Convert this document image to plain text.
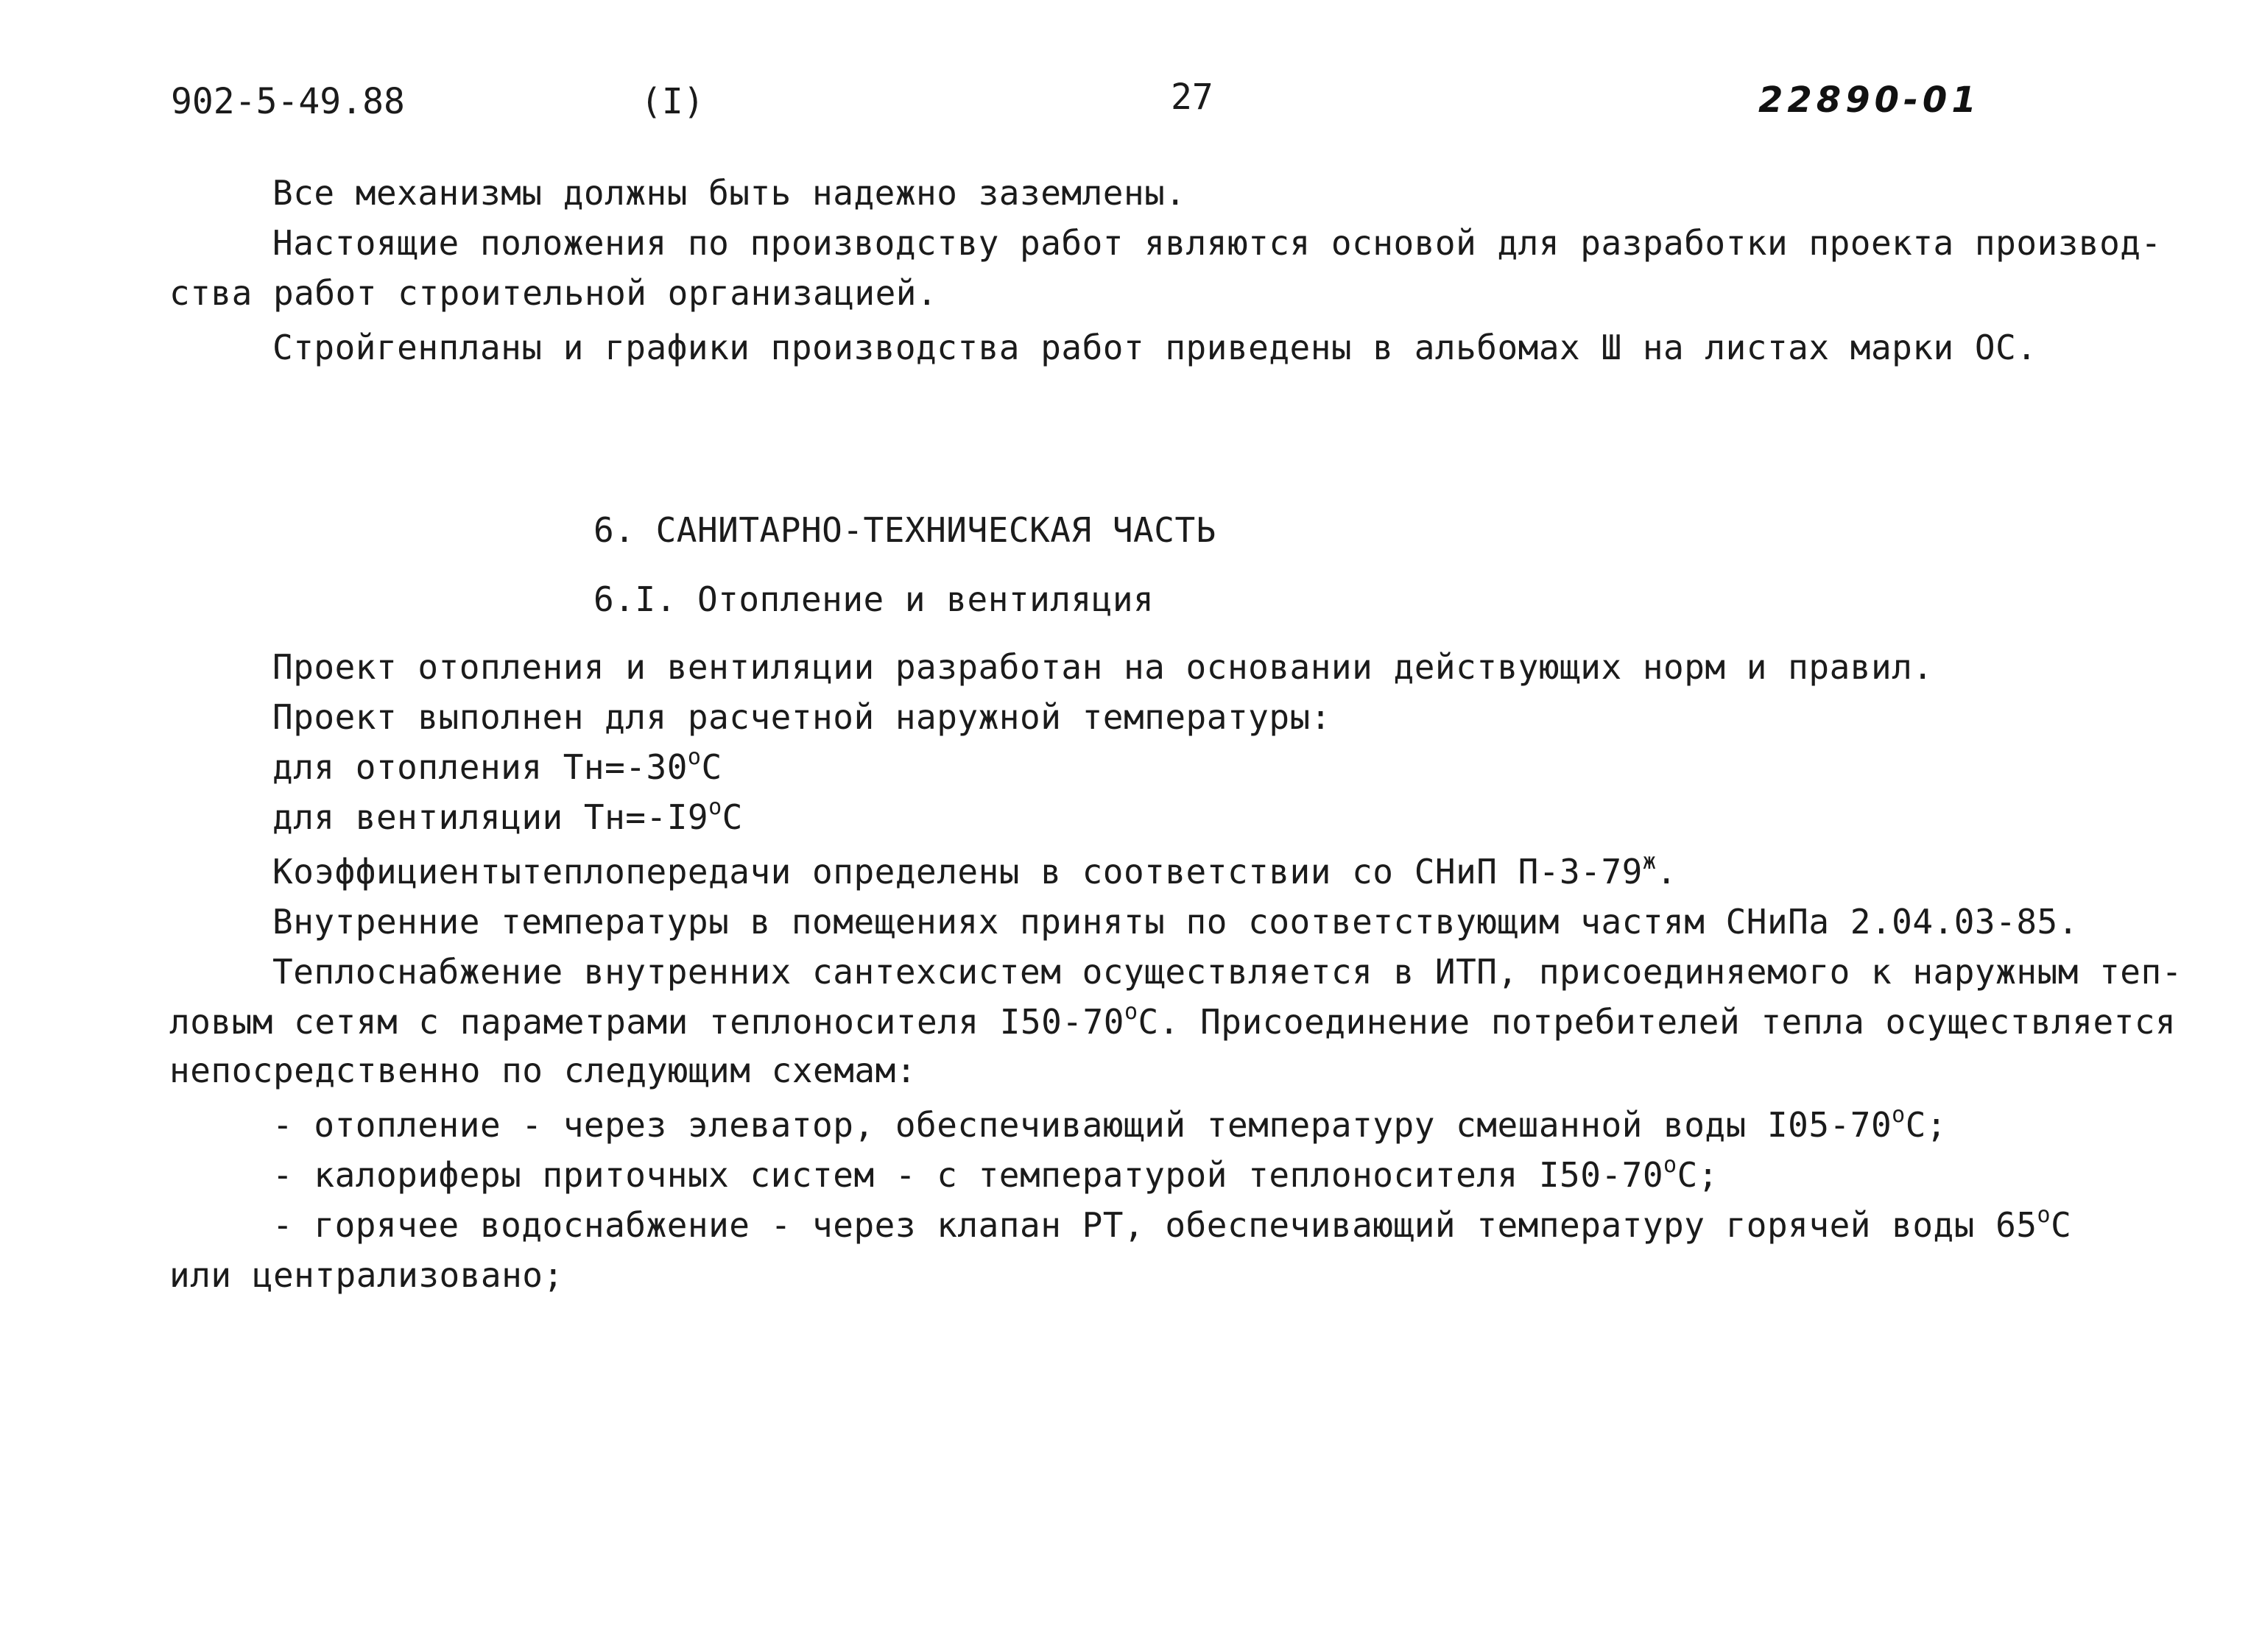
902-5-49.88	(I)	27	22890-01
Все механизмы должны быть надежно заземлены.
Настоящие положения по производству работ являются основой для разработки проекта производ-
ства работ строительной организацией.
Стройгенпланы и графики производства работ приведены в альбомах Ш на листах марки ОС.
6. САНИТАРНО-ТЕХНИЧЕСКАЯ ЧАСТЬ
6.I. Отопление и вентиляция
Проект отопления и вентиляции разработан на основании действующих норм и правил.
Проект выполнен для расчетной наружной температуры:
для отопления $Тн=-30^оС$
для вентиляции $Тн=-I9^оС$
Коэффициентытеплопередачи определены в соответствии со СНиП $П-3-79^ж$.
Внутренние температуры в помещениях приняты по соответствующим частям СНиПа 2.04.03-85.
Теплоснабжение внутренних сантехсистем осуществляется в ИТП, присоединяемого к наружным теп-
ловым сетям с параметрами теплоносителя $I50-70^оС$. Присоединение потребителей тепла осуществляется
непосредственно по следующим схемам:
- отопление - через элеватор, обеспечивающий температуру смешанной воды $I05-70^оС$;
- калориферы приточных систем - с температурой теплоносителя $I50-70^оС$;
- горячее водоснабжение - через клапан РТ, обеспечивающий температуру горячей воды $65^оС$
или централизовано;
